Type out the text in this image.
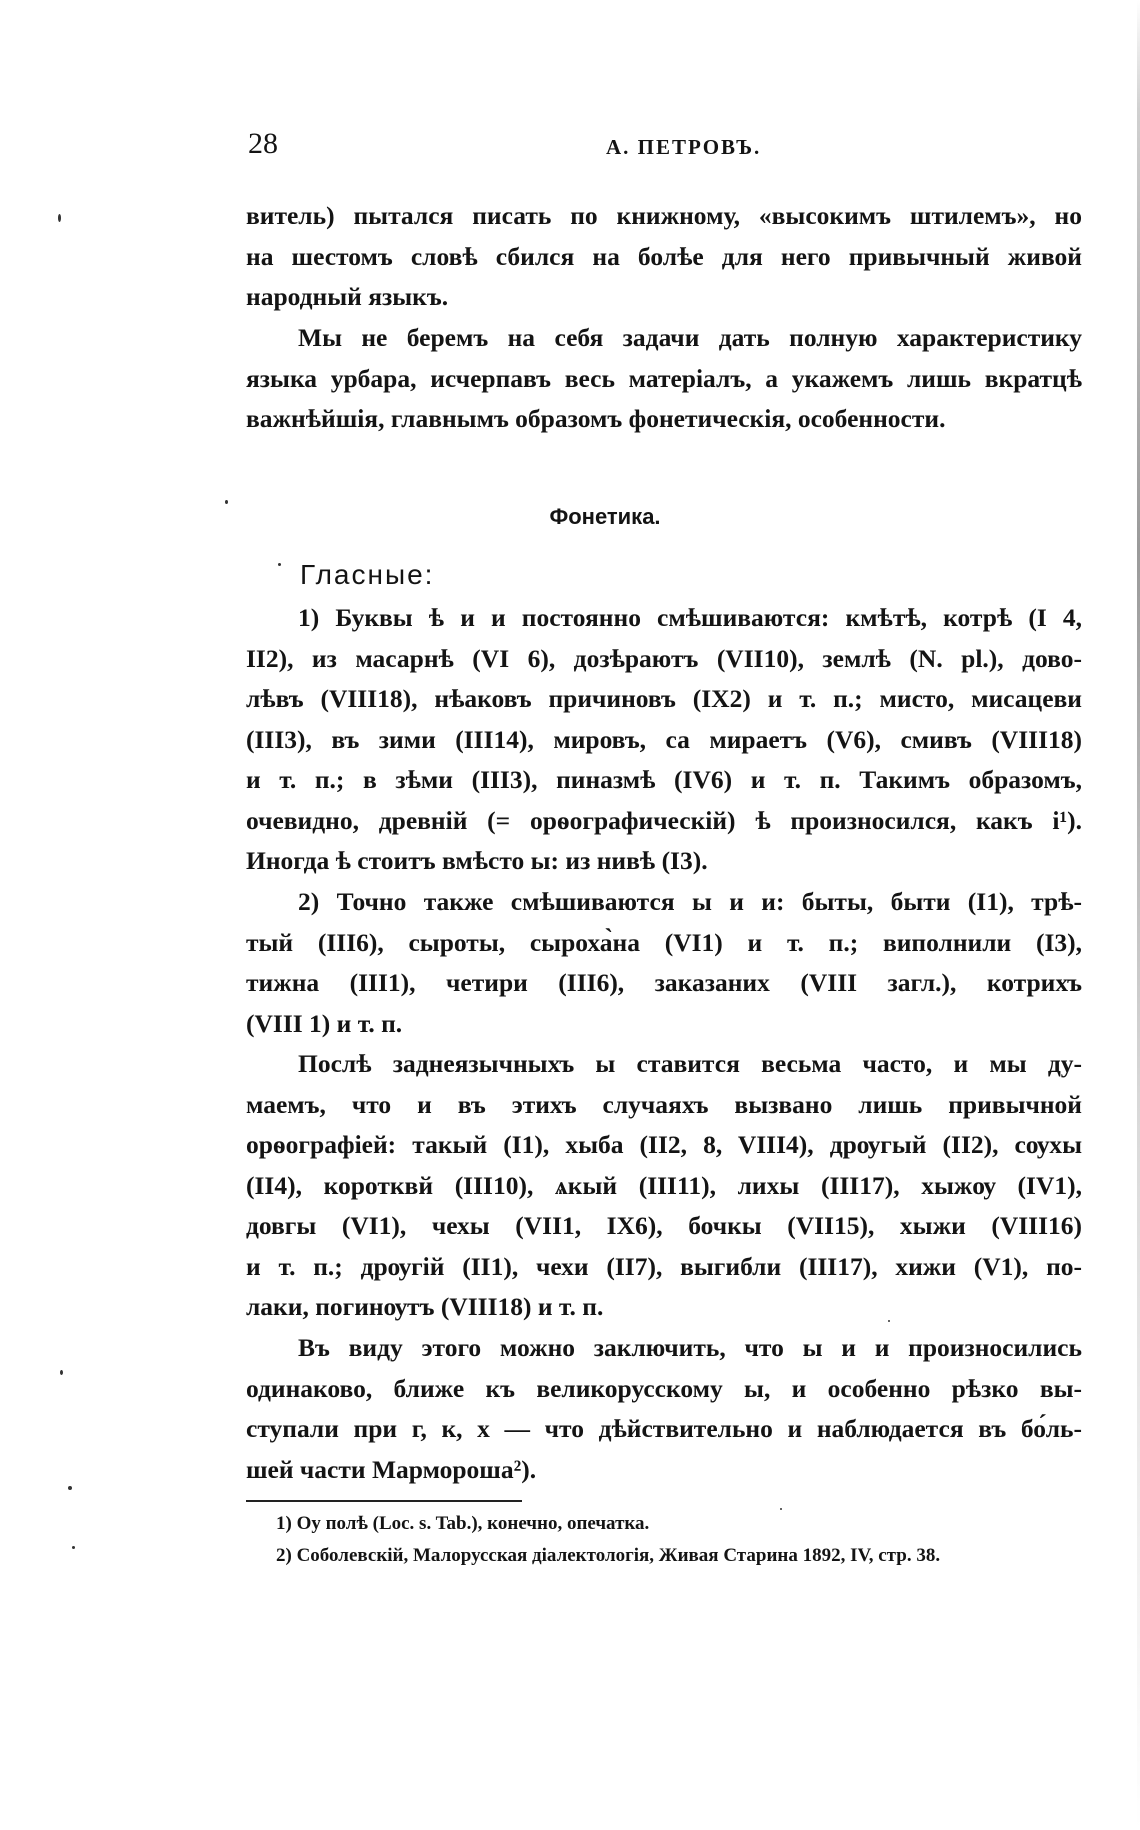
28	А. ПЕТРОВЪ.
витель) пытался писать по книжному, «высокимъ штилемъ», но
на шестомъ словѣ сбился на болѣе для него привычный живой
народный языкъ.
Мы не беремъ на себя задачи дать полную характеристику
языка урбара, исчерпавъ весь матеріалъ, а укажемъ лишь вкратцѣ
важнѣйшія, главнымъ образомъ фонетическія, особенности.
Фонетика.
Гласные:
1) Буквы ѣ и и постоянно смѣшиваются: кмѣтѣ, котрѣ (I 4,
II2), из масарнѣ (VI 6), дозѣраютъ (VII10), землѣ (N. pl.), дово-
лѣвъ (VIII18), нѣаковъ причиновъ (IX2) и т. п.; мисто, мисацеви
(III3), въ зими (III14), мировъ, са мираетъ (V6), смивъ (VIII18)
и т. п.; в зѣми (III3), пиназмѣ (IV6) и т. п. Такимъ образомъ,
очевидно, древній (= орѳографическій) ѣ произносился, какъ і¹).
Иногда ѣ стоитъ вмѣсто ы: из нивѣ (I3).
2) Точно также смѣшиваются ы и и: быты, быти (I1), трѣ-
тый (III6), сыроты, сыроха̀на (VI1) и т. п.; виполнили (I3),
тижна (III1), четири (III6), заказаних (VIII загл.), котрихъ
(VIII 1) и т. п.
Послѣ заднеязычныхъ ы ставится весьма часто, и мы ду-
маемъ, что и въ этихъ случаяхъ вызвано лишь привычной
орѳографіей: такый (I1), хыба (II2, 8, VIII4), дрѹгый (II2), сѹхы
(II4), коротквй (III10), ѧкый (III11), лихы (III17), хыжѹ (IV1),
довгы (VI1), чехы (VII1, IX6), бочкы (VII15), хыжи (VIII16)
и т. п.; дрѹгій (II1), чехи (II7), выгибли (III17), хижи (V1), по-
лаки, погинѹтъ (VIII18) и т. п.
Въ виду этого можно заключить, что ы и и произносились
одинаково, ближе къ великорусскому ы, и особенно рѣзко вы-
ступали при г, к, х — что дѣйствительно и наблюдается въ бо́ль-
шей части Мармороша²).
1) Оу полѣ (Loc. s. Tab.), конечно, опечатка.
2) Соболевскій, Малорусская діалектологія, Живая Старина 1892, IV, стр. 38.
